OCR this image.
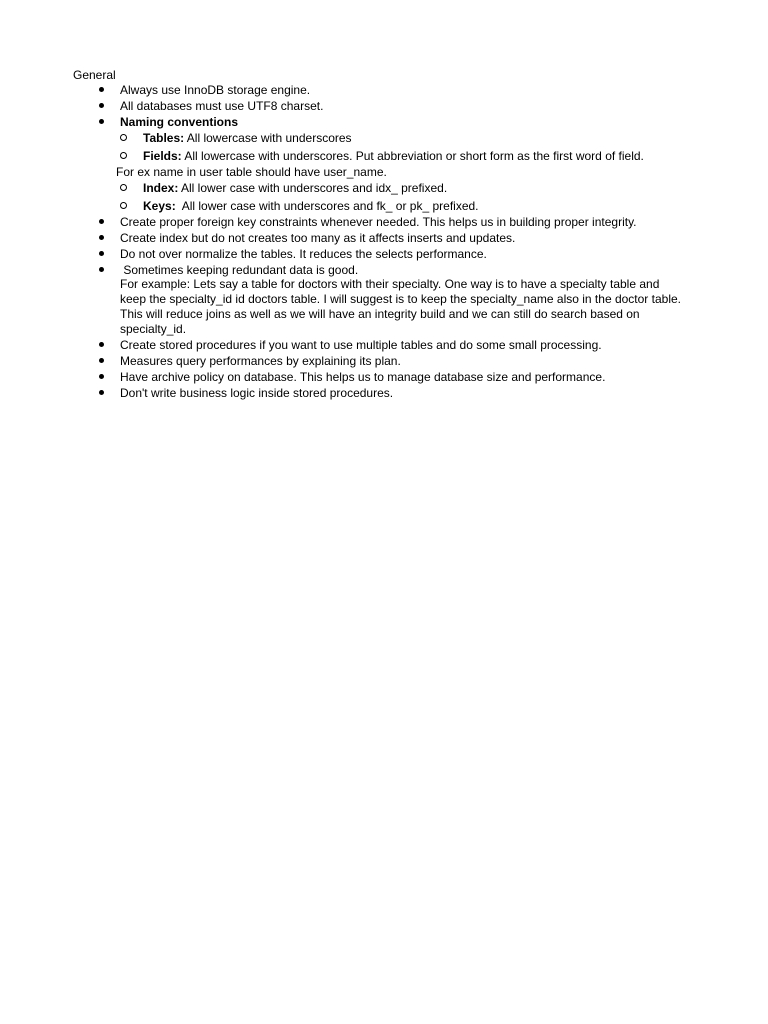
General
Always use InnoDB storage engine.
All databases must use UTF8 charset.
Naming conventions
Tables: All lowercase with underscores
Fields: All lowercase with underscores. Put abbreviation or short form as the first word of field.
For ex name in user table should have user_name.
Index: All lower case with underscores and idx_ prefixed.
Keys:  All lower case with underscores and fk_ or pk_ prefixed.
Create proper foreign key constraints whenever needed. This helps us in building proper integrity.
Create index but do not creates too many as it affects inserts and updates.
Do not over normalize the tables. It reduces the selects performance.
Sometimes keeping redundant data is good.
For example: Lets say a table for doctors with their specialty. One way is to have a specialty table and keep the specialty_id id doctors table. I will suggest is to keep the specialty_name also in the doctor table. This will reduce joins as well as we will have an integrity build and we can still do search based on specialty_id.
Create stored procedures if you want to use multiple tables and do some small processing.
Measures query performances by explaining its plan.
Have archive policy on database. This helps us to manage database size and performance.
Don't write business logic inside stored procedures.
